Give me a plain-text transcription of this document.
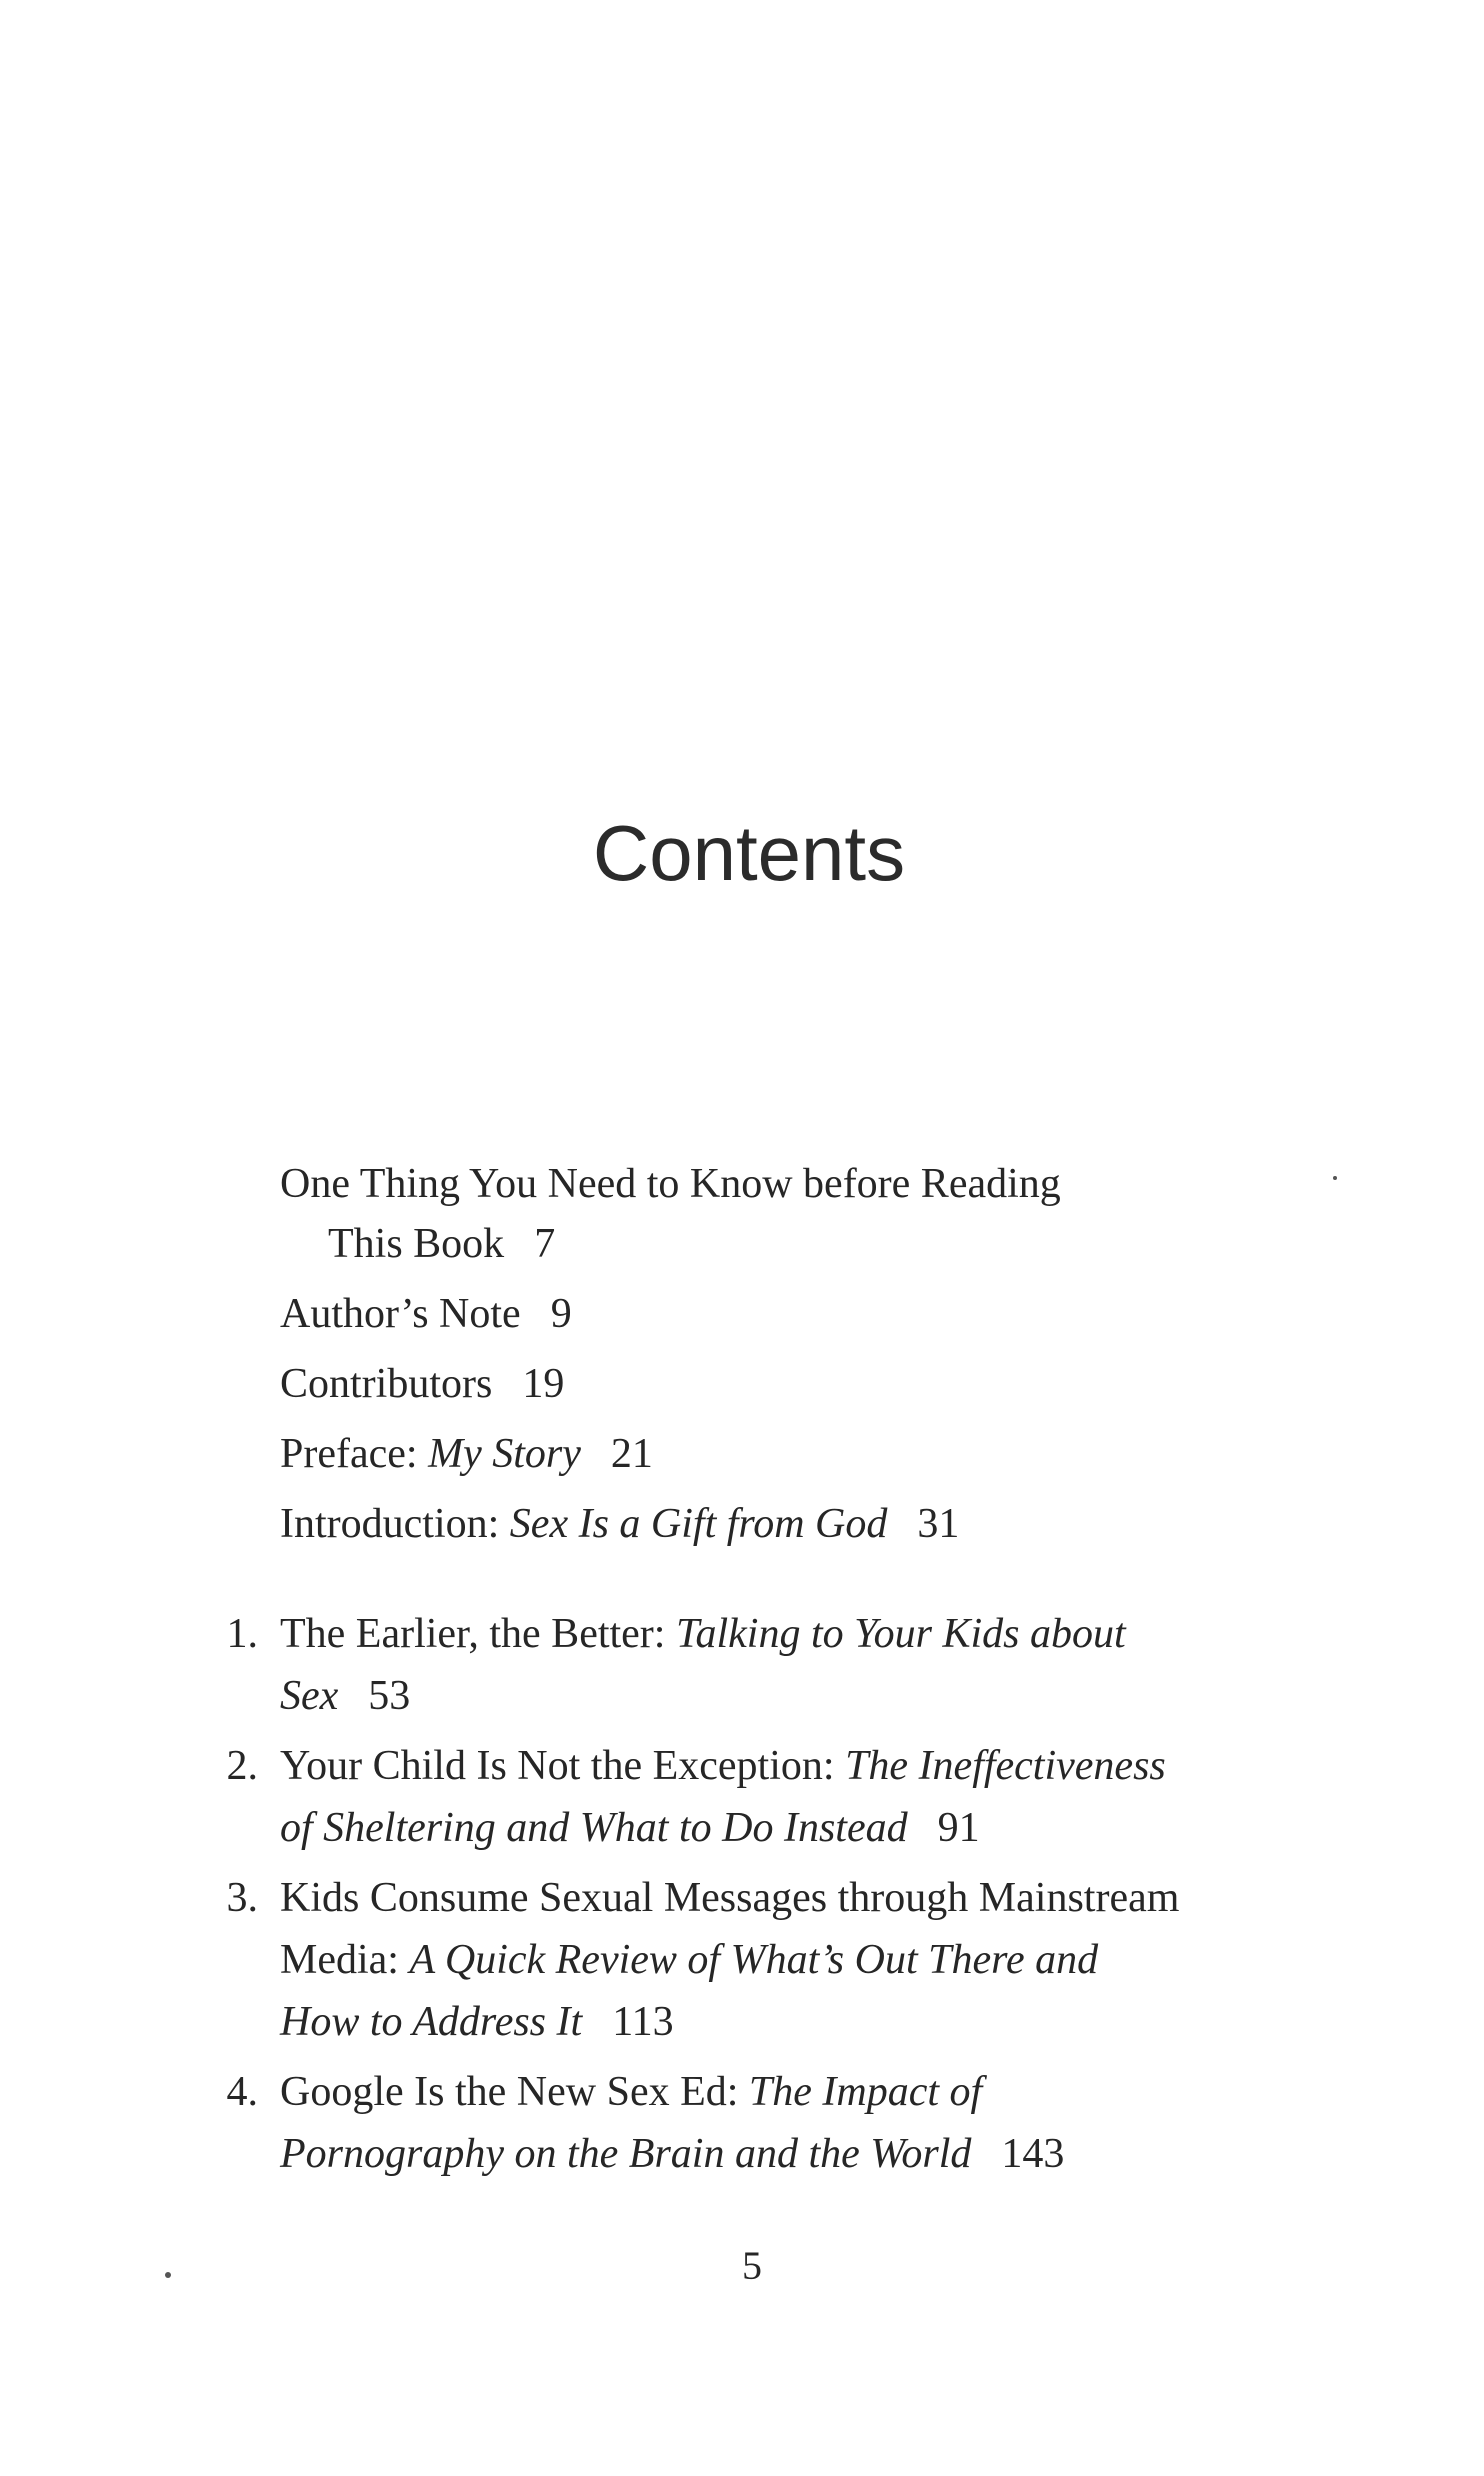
Contents
One Thing You Need to Know before Reading
This Book 7
Author’s Note 9
Contributors 19
Preface: My Story 21
Introduction: Sex Is a Gift from God 31
1. The Earlier, the Better: Talking to Your Kids about
Sex 53
2. Your Child Is Not the Exception: The Ineffectiveness
of Sheltering and What to Do Instead 91
3. Kids Consume Sexual Messages through Mainstream
Media: A Quick Review of What’s Out There and
How to Address It 113
4. Google Is the New Sex Ed: The Impact of
Pornography on the Brain and the World 143
5
